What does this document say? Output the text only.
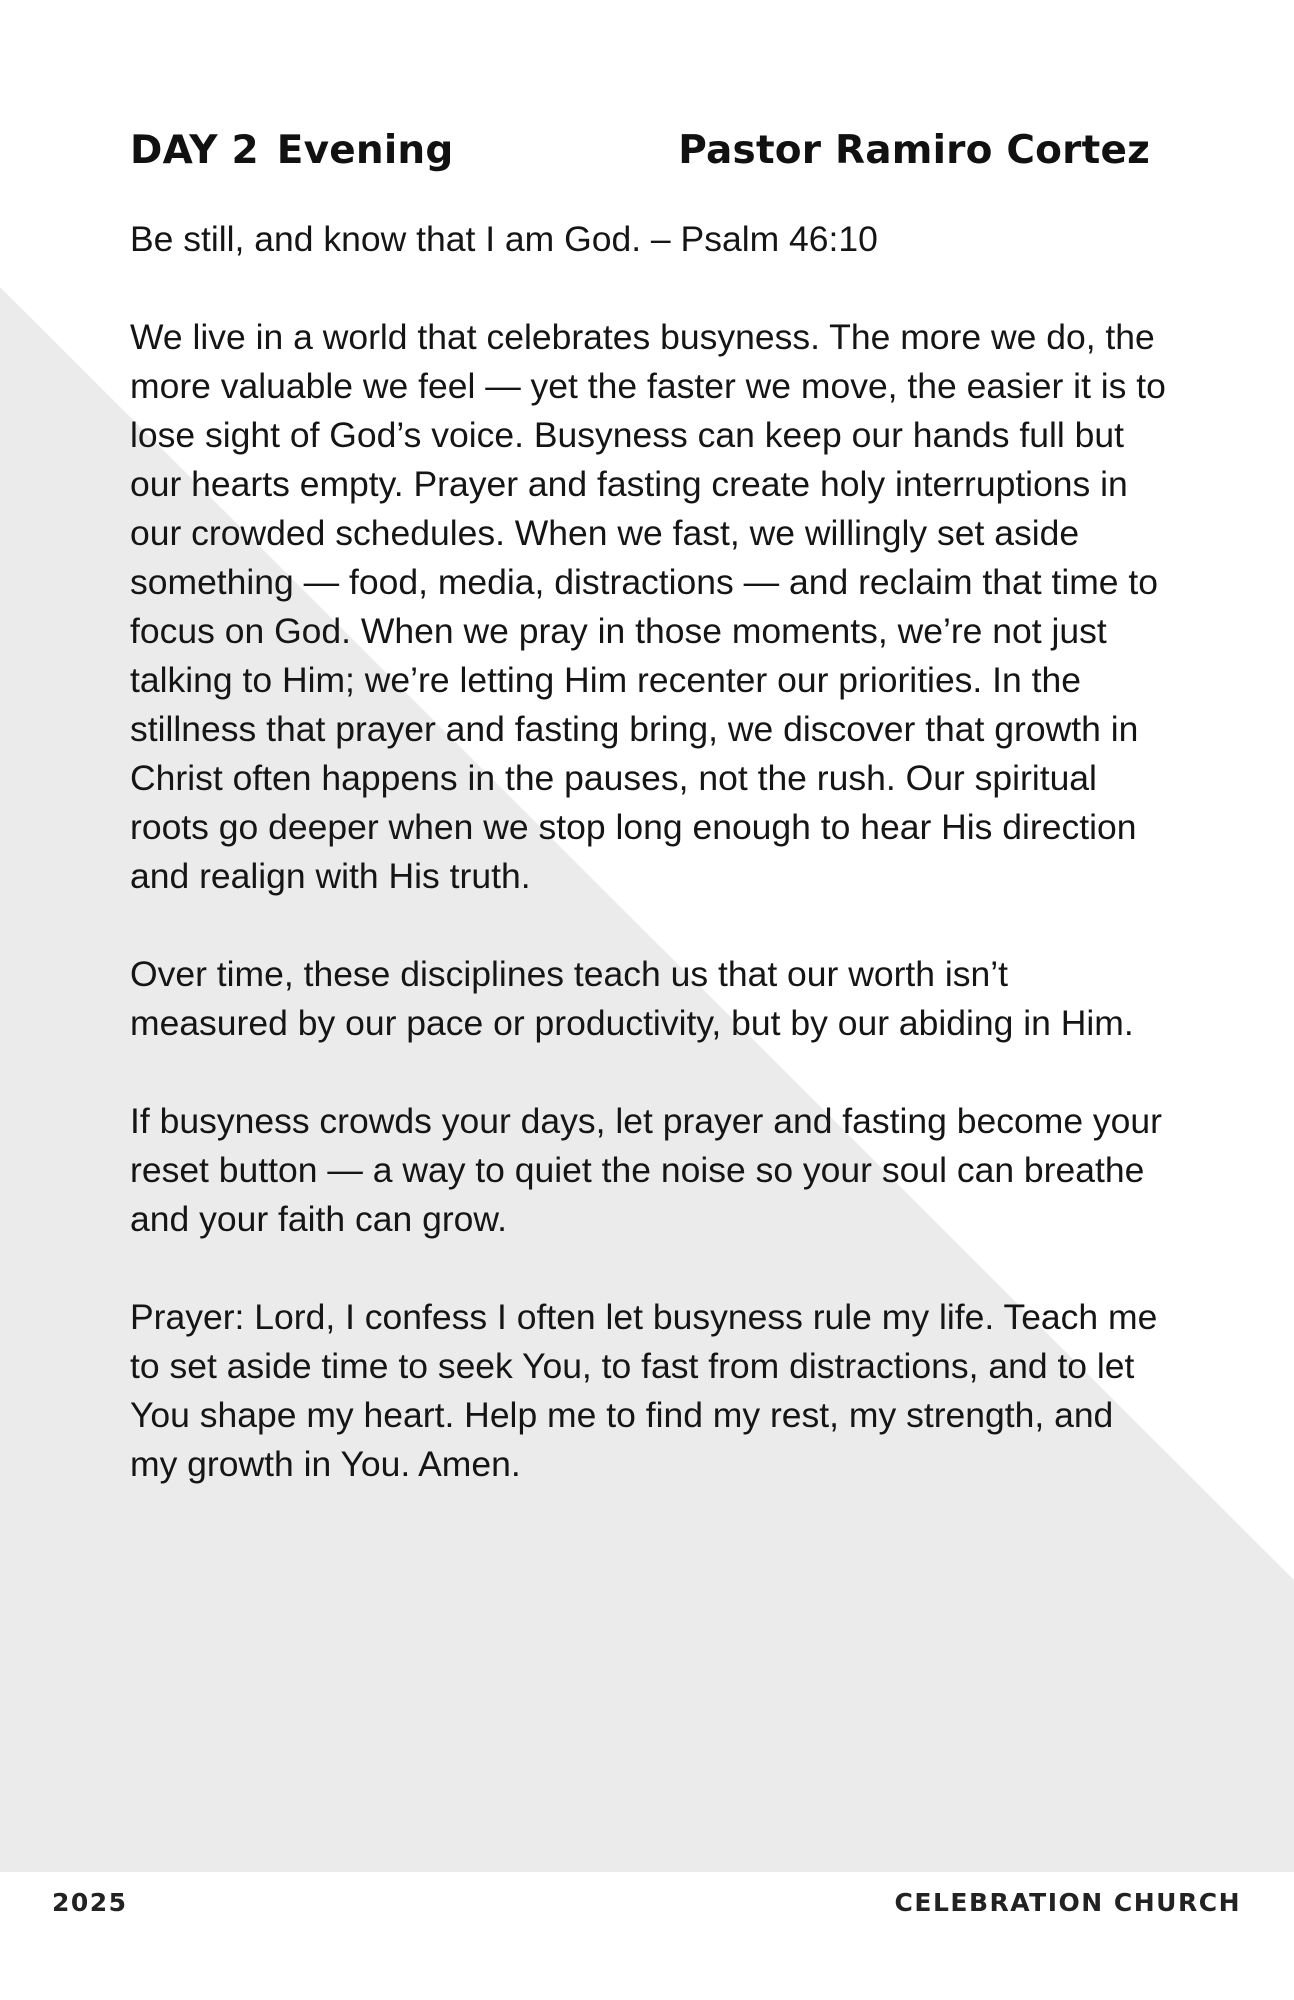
DAY 2 Evening	Pastor Ramiro Cortez

Be still, and know that I am God. – Psalm 46:10

We live in a world that celebrates busyness. The more we do, the more valuable we feel — yet the faster we move, the easier it is to lose sight of God’s voice. Busyness can keep our hands full but our hearts empty. Prayer and fasting create holy interruptions in our crowded schedules. When we fast, we willingly set aside something — food, media, distractions — and reclaim that time to focus on God. When we pray in those moments, we’re not just talking to Him; we’re letting Him recenter our priorities. In the stillness that prayer and fasting bring, we discover that growth in Christ often happens in the pauses, not the rush. Our spiritual roots go deeper when we stop long enough to hear His direction and realign with His truth.

Over time, these disciplines teach us that our worth isn’t measured by our pace or productivity, but by our abiding in Him.

If busyness crowds your days, let prayer and fasting become your reset button — a way to quiet the noise so your soul can breathe and your faith can grow.

Prayer: Lord, I confess I often let busyness rule my life. Teach me to set aside time to seek You, to fast from distractions, and to let You shape my heart. Help me to find my rest, my strength, and my growth in You. Amen.

2025	CELEBRATION CHURCH
